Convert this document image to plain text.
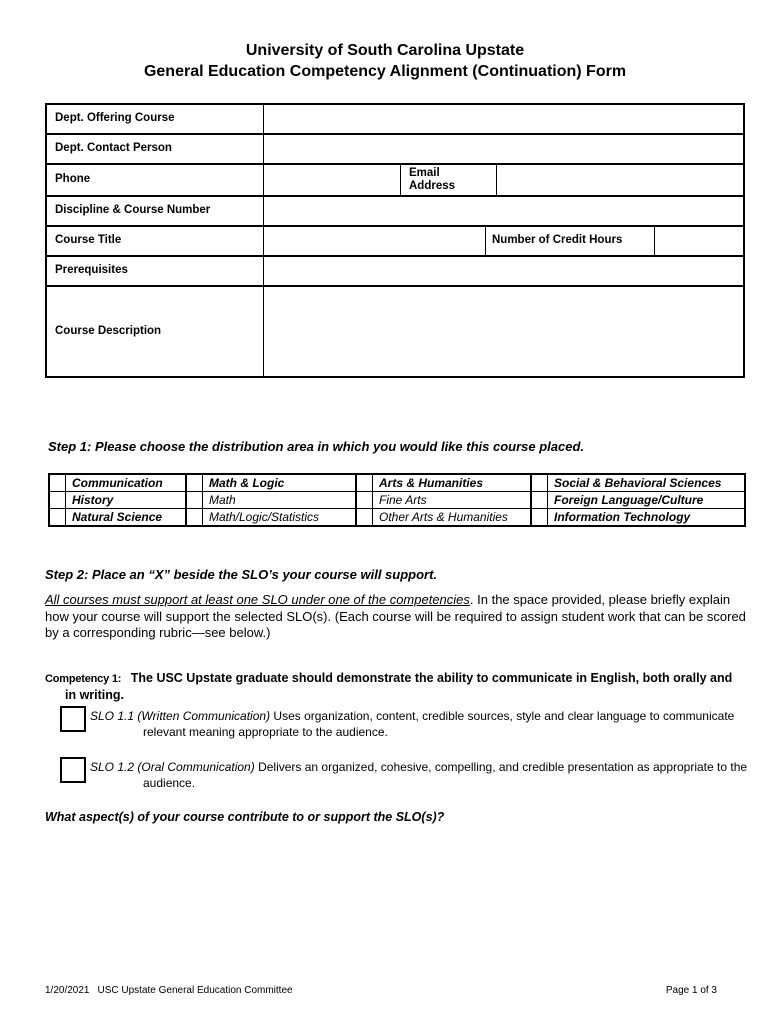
University of South Carolina Upstate
General Education Competency Alignment (Continuation) Form
Dept. Offering Course
Dept. Contact Person
Phone
Email Address
Discipline & Course Number
Course Title	Number of Credit Hours
Prerequisites
Course Description
Step 1: Please choose the distribution area in which you would like this course placed.
Communication	Math & Logic	Arts & Humanities	Social & Behavioral Sciences
History	Math	Fine Arts	Foreign Language/Culture
Natural Science	Math/Logic/Statistics	Other Arts & Humanities	Information Technology
Step 2: Place an “X” beside the SLO’s your course will support.
All courses must support at least one SLO under one of the competencies. In the space provided, please briefly explain how your course will support the selected SLO(s). (Each course will be required to assign student work that can be scored by a corresponding rubric—see below.)
Competency 1: The USC Upstate graduate should demonstrate the ability to communicate in English, both orally and in writing.
SLO 1.1 (Written Communication) Uses organization, content, credible sources, style and clear language to communicate relevant meaning appropriate to the audience.
SLO 1.2 (Oral Communication) Delivers an organized, cohesive, compelling, and credible presentation as appropriate to the audience.
What aspect(s) of your course contribute to or support the SLO(s)?
1/20/2021 USC Upstate General Education Committee	Page 1 of 3
